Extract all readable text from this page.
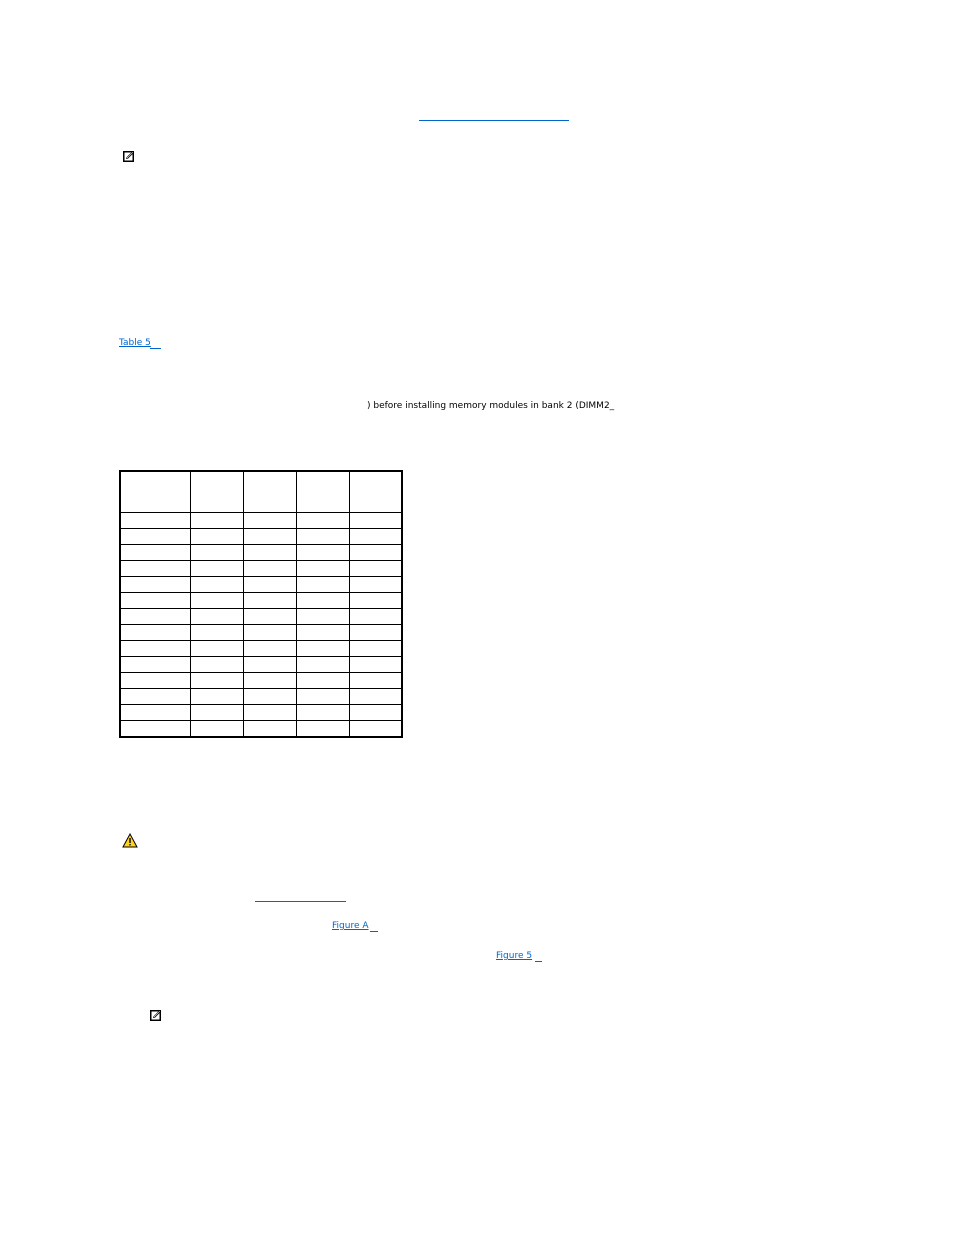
Table 5
) before installing memory modules in bank 2 (DIMM2_

Figure A
Figure 5
